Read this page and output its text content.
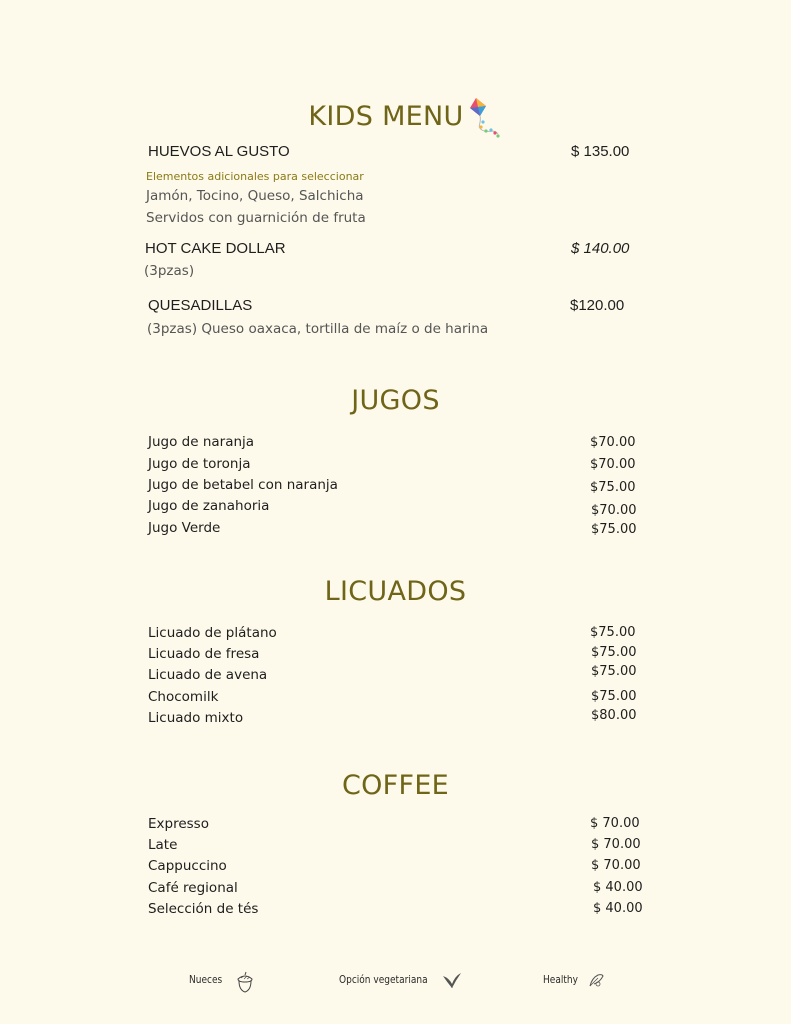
KIDS MENU
HUEVOS AL GUSTO	$ 135.00
Elementos adicionales para seleccionar
Jamón, Tocino, Queso, Salchicha
Servidos con guarnición de fruta
HOT CAKE DOLLAR	$ 140.00
(3pzas)
QUESADILLAS	$120.00
(3pzas) Queso oaxaca, tortilla de maíz o de harina
JUGOS
Jugo de naranja	$70.00
Jugo de toronja	$70.00
Jugo de betabel con naranja	$75.00
Jugo de zanahoria	$70.00
Jugo Verde	$75.00
LICUADOS
Licuado de plátano	$75.00
Licuado de fresa	$75.00
Licuado de avena	$75.00
Chocomilk	$75.00
Licuado mixto	$80.00
COFFEE
Expresso	$ 70.00
Late	$ 70.00
Cappuccino	$ 70.00
Café regional	$ 40.00
Selección de tés	$ 40.00
Nueces	Opción vegetariana	Healthy
